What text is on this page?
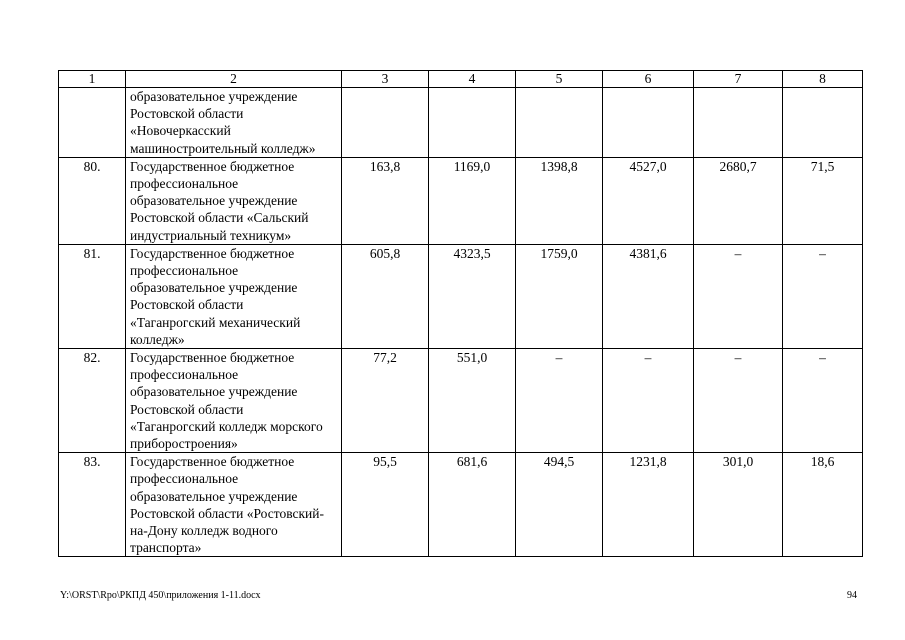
1	2	3	4	5	6	7	8

	образовательное учреждение Ростовской области «Новочеркасский машиностроительный колледж»						

80.	Государственное бюджетное профессиональное образовательное учреждение Ростовской области «Сальский индустриальный техникум»	163,8	1169,0	1398,8	4527,0	2680,7	71,5
81.	Государственное бюджетное профессиональное образовательное учреждение Ростовской области «Таганрогский механический колледж»	605,8	4323,5	1759,0	4381,6	–	–
82.	Государственное бюджетное профессиональное образовательное учреждение Ростовской области «Таганрогский колледж морского приборостроения»	77,2	551,0	–	–	–	–
83.	Государственное бюджетное профессиональное образовательное учреждение Ростовской области «Ростовский-на-Дону колледж водного транспорта»	95,5	681,6	494,5	1231,8	301,0	18,6
Y:\ORST\Rpo\РКПД 450\приложения 1-11.docx	94
